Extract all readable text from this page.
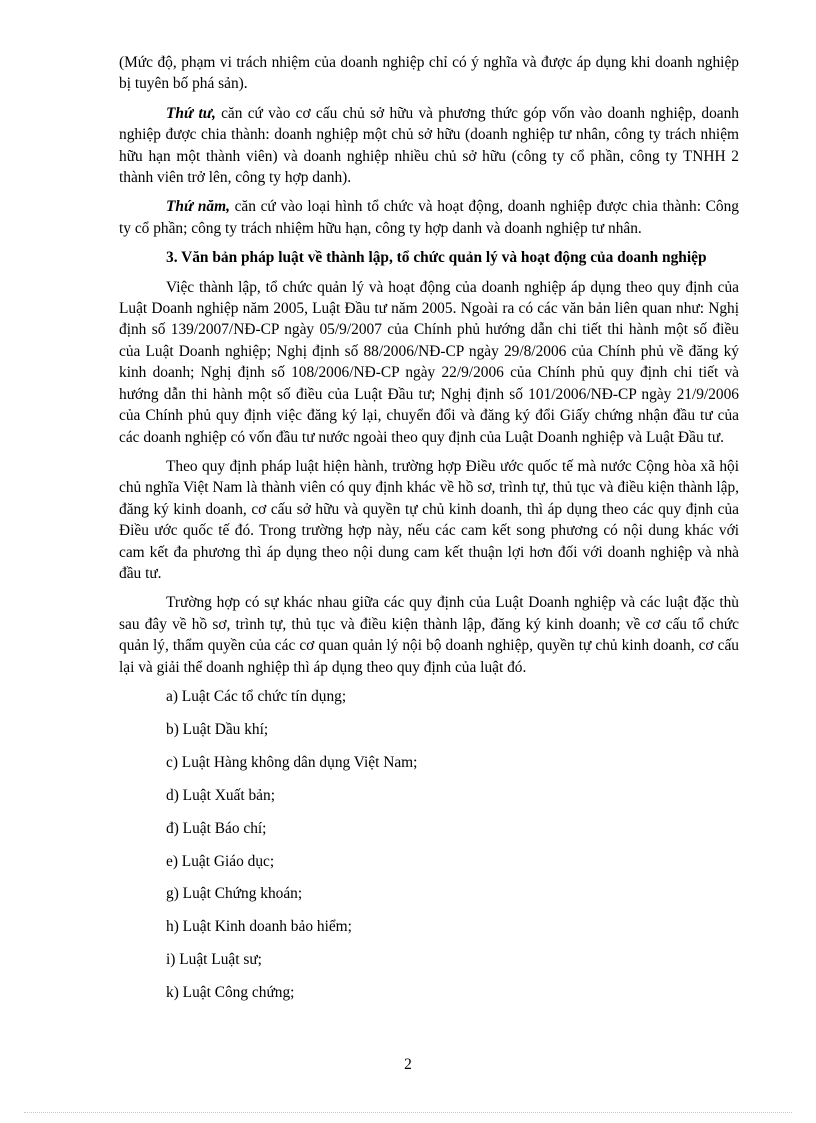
(Mức độ, phạm vi trách nhiệm của doanh nghiệp chỉ có ý nghĩa và được áp dụng khi doanh nghiệp bị tuyên bố phá sản).

Thứ tư, căn cứ vào cơ cấu chủ sở hữu và phương thức góp vốn vào doanh nghiệp, doanh nghiệp được chia thành: doanh nghiệp một chủ sở hữu (doanh nghiệp tư nhân, công ty trách nhiệm hữu hạn một thành viên) và doanh nghiệp nhiều chủ sở hữu (công ty cổ phần, công ty TNHH 2 thành viên trở lên, công ty hợp danh).

Thứ năm, căn cứ vào loại hình tổ chức và hoạt động, doanh nghiệp được chia thành: Công ty cổ phần; công ty trách nhiệm hữu hạn, công ty hợp danh và doanh nghiệp tư nhân.

3. Văn bản pháp luật về thành lập, tổ chức quản lý và hoạt động của doanh nghiệp

Việc thành lập, tổ chức quản lý và hoạt động của doanh nghiệp áp dụng theo quy định của Luật Doanh nghiệp năm 2005, Luật Đầu tư năm 2005. Ngoài ra có các văn bản liên quan như: Nghị định số 139/2007/NĐ-CP ngày 05/9/2007 của Chính phủ hướng dẫn chi tiết thi hành một số điều của Luật Doanh nghiệp; Nghị định số 88/2006/NĐ-CP ngày 29/8/2006 của Chính phủ về đăng ký kinh doanh; Nghị định số 108/2006/NĐ-CP ngày 22/9/2006 của Chính phủ quy định chi tiết và hướng dẫn thi hành một số điều của Luật Đầu tư; Nghị định số 101/2006/NĐ-CP ngày 21/9/2006 của Chính phủ quy định việc đăng ký lại, chuyển đổi và đăng ký đổi Giấy chứng nhận đầu tư của các doanh nghiệp có vốn đầu tư nước ngoài theo quy định của Luật Doanh nghiệp và Luật Đầu tư.

Theo quy định pháp luật hiện hành, trường hợp Điều ước quốc tế mà nước Cộng hòa xã hội chủ nghĩa Việt Nam là thành viên có quy định khác về hồ sơ, trình tự, thủ tục và điều kiện thành lập, đăng ký kinh doanh, cơ cấu sở hữu và quyền tự chủ kinh doanh, thì áp dụng theo các quy định của Điều ước quốc tế đó. Trong trường hợp này, nếu các cam kết song phương có nội dung khác với cam kết đa phương thì áp dụng theo nội dung cam kết thuận lợi hơn đối với doanh nghiệp và nhà đầu tư.

Trường hợp có sự khác nhau giữa các quy định của Luật Doanh nghiệp và các luật đặc thù sau đây về hồ sơ, trình tự, thủ tục và điều kiện thành lập, đăng ký kinh doanh; về cơ cấu tổ chức quản lý, thẩm quyền của các cơ quan quản lý nội bộ doanh nghiệp, quyền tự chủ kinh doanh, cơ cấu lại và giải thể doanh nghiệp thì áp dụng theo quy định của luật đó.

a) Luật Các tổ chức tín dụng;
b) Luật Dầu khí;
c) Luật Hàng không dân dụng Việt Nam;
d) Luật Xuất bản;
đ) Luật Báo chí;
e) Luật Giáo dục;
g) Luật Chứng khoán;
h) Luật Kinh doanh bảo hiểm;
i) Luật Luật sư;
k) Luật Công chứng;
2
